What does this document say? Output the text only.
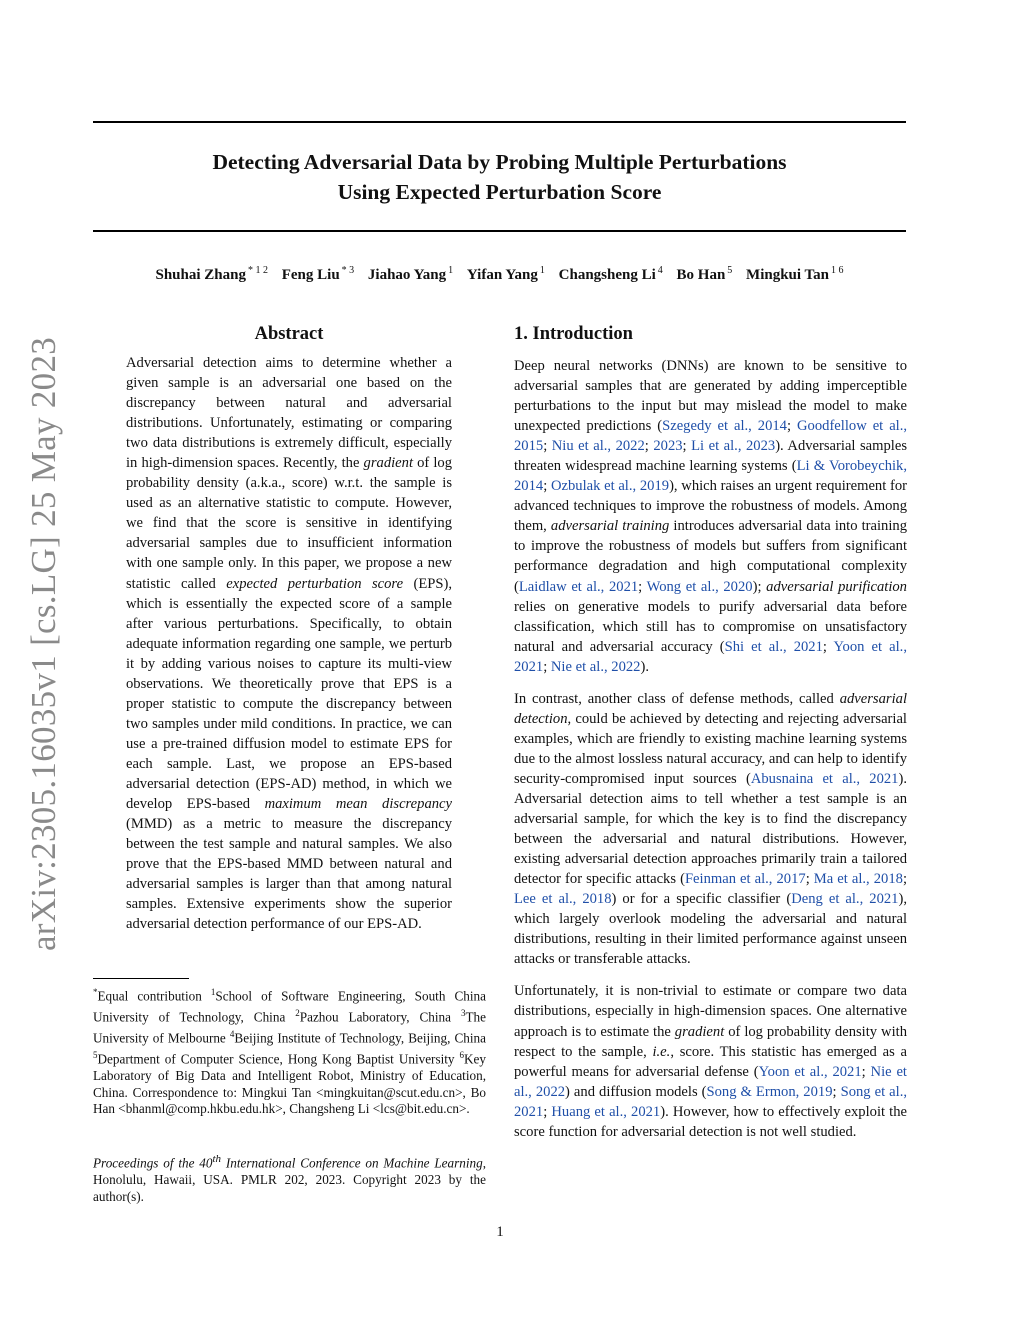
Detecting Adversarial Data by Probing Multiple Perturbations
Using Expected Perturbation Score
Shuhai Zhang $^{* 1 2}$ Feng Liu $^{* 3}$ Jiahao Yang $^1$ Yifan Yang $^1$ Changsheng Li $^4$ Bo Han $^5$ Mingkui Tan $^{1 6}$
arXiv:2305.16035v1 [cs.LG] 25 May 2023
Abstract

Adversarial detection aims to determine whether a given sample is an adversarial one based on the discrepancy between natural and adversarial distributions. Unfortunately, estimating or comparing two data distributions is extremely difficult, especially in high-dimension spaces. Recently, the gradient of log probability density (a.k.a., score) w.r.t. the sample is used as an alternative statistic to compute. However, we find that the score is sensitive in identifying adversarial samples due to insufficient information with one sample only. In this paper, we propose a new statistic called expected perturbation score (EPS), which is essentially the expected score of a sample after various perturbations. Specifically, to obtain adequate information regarding one sample, we perturb it by adding various noises to capture its multi-view observations. We theoretically prove that EPS is a proper statistic to compute the discrepancy between two samples under mild conditions. In practice, we can use a pre-trained diffusion model to estimate EPS for each sample. Last, we propose an EPS-based adversarial detection (EPS-AD) method, in which we develop EPS-based maximum mean discrepancy (MMD) as a metric to measure the discrepancy between the test sample and natural samples. We also prove that the EPS-based MMD between natural and adversarial samples is larger than that among natural samples. Extensive experiments show the superior adversarial detection performance of our EPS-AD.

*Equal contribution $^1$School of Software Engineering, South China University of Technology, China $^2$Pazhou Laboratory, China $^3$The University of Melbourne $^4$Beijing Institute of Technology, Beijing, China $^5$Department of Computer Science, Hong Kong Baptist University $^6$Key Laboratory of Big Data and Intelligent Robot, Ministry of Education, China. Correspondence to: Mingkui Tan <mingkuitan@scut.edu.cn>, Bo Han <bhanml@comp.hkbu.edu.hk>, Changsheng Li <lcs@bit.edu.cn>.
Proceedings of the 40th International Conference on Machine Learning, Honolulu, Hawaii, USA. PMLR 202, 2023. Copyright 2023 by the author(s).
1. Introduction

Deep neural networks (DNNs) are known to be sensitive to adversarial samples that are generated by adding imperceptible perturbations to the input but may mislead the model to make unexpected predictions (Szegedy et al., 2014; Goodfellow et al., 2015; Niu et al., 2022; 2023; Li et al., 2023). Adversarial samples threaten widespread machine learning systems (Li & Vorobeychik, 2014; Ozbulak et al., 2019), which raises an urgent requirement for advanced techniques to improve the robustness of models. Among them, adversarial training introduces adversarial data into training to improve the robustness of models but suffers from significant performance degradation and high computational complexity (Laidlaw et al., 2021; Wong et al., 2020); adversarial purification relies on generative models to purify adversarial data before classification, which still has to compromise on unsatisfactory natural and adversarial accuracy (Shi et al., 2021; Yoon et al., 2021; Nie et al., 2022).

In contrast, another class of defense methods, called adversarial detection, could be achieved by detecting and rejecting adversarial examples, which are friendly to existing machine learning systems due to the almost lossless natural accuracy, and can help to identify security-compromised input sources (Abusnaina et al., 2021). Adversarial detection aims to tell whether a test sample is an adversarial sample, for which the key is to find the discrepancy between the adversarial and natural distributions. However, existing adversarial detection approaches primarily train a tailored detector for specific attacks (Feinman et al., 2017; Ma et al., 2018; Lee et al., 2018) or for a specific classifier (Deng et al., 2021), which largely overlook modeling the adversarial and natural distributions, resulting in their limited performance against unseen attacks or transferable attacks.

Unfortunately, it is non-trivial to estimate or compare two data distributions, especially in high-dimension spaces. One alternative approach is to estimate the gradient of log probability density with respect to the sample, i.e., score. This statistic has emerged as a powerful means for adversarial defense (Yoon et al., 2021; Nie et al., 2022) and diffusion models (Song & Ermon, 2019; Song et al., 2021; Huang et al., 2021). However, how to effectively exploit the score function for adversarial detection is not well studied.

1
